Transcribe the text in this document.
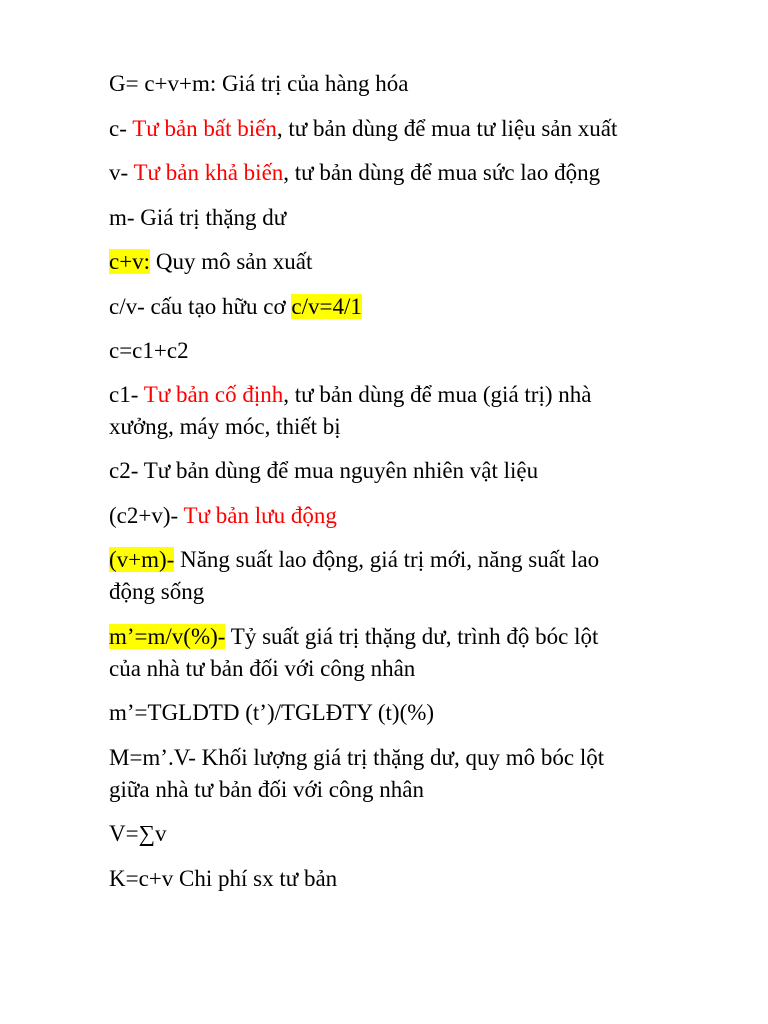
G= c+v+m: Giá trị của hàng hóa
c- Tư bản bất biến, tư bản dùng để mua tư liệu sản xuất
v- Tư bản khả biến, tư bản dùng để mua sức lao động
m- Giá trị thặng dư
c+v: Quy mô sản xuất
c/v- cấu tạo hữu cơ c/v=4/1
c=c1+c2
c1- Tư bản cố định, tư bản dùng để mua (giá trị) nhà
xưởng, máy móc, thiết bị
c2- Tư bản dùng để mua nguyên nhiên vật liệu
(c2+v)- Tư bản lưu động
(v+m)- Năng suất lao động, giá trị mới, năng suất lao
động sống
m’=m/v(%)- Tỷ suất giá trị thặng dư, trình độ bóc lột
của nhà tư bản đối với công nhân
m’=TGLDTD (t’)/TGLĐTY (t)(%)
M=m’.V- Khối lượng giá trị thặng dư, quy mô bóc lột
giữa nhà tư bản đối với công nhân
V=∑v
K=c+v Chi phí sx tư bản
